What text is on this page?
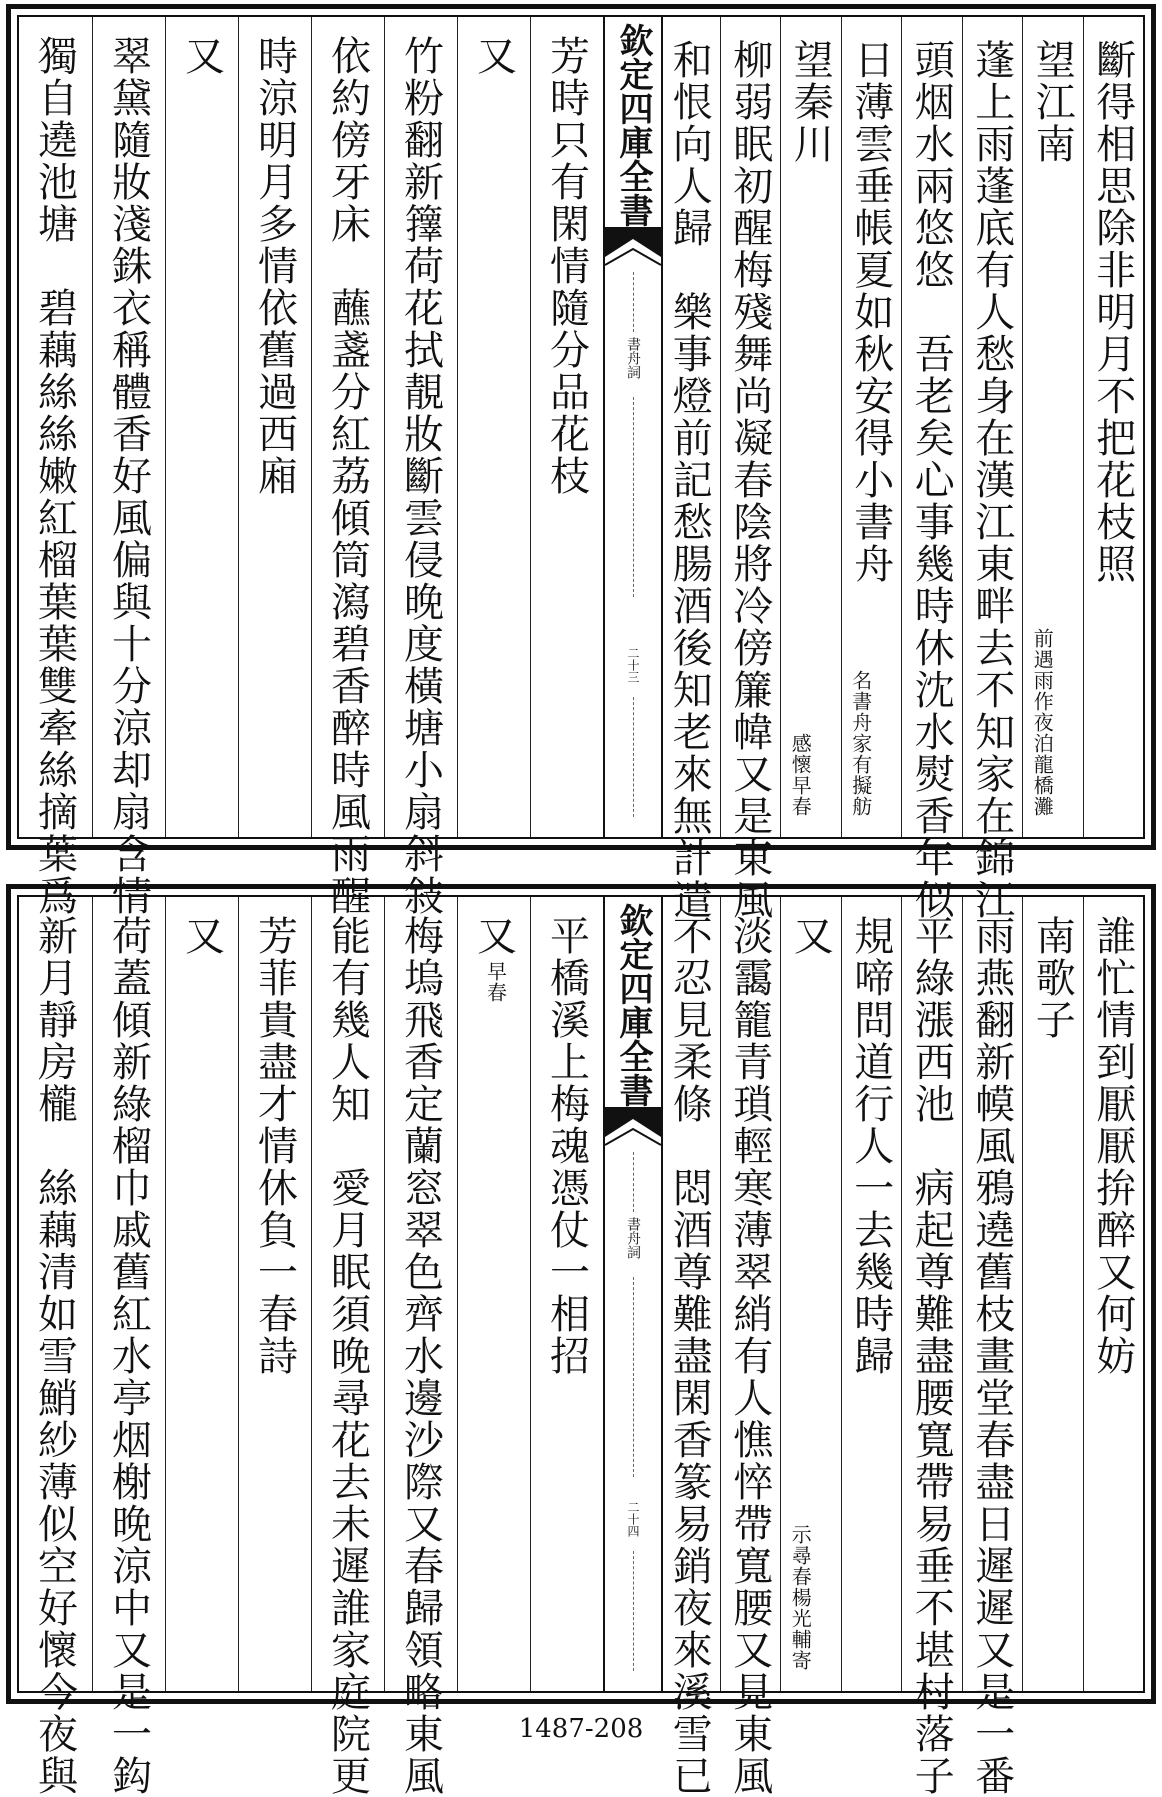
斷得相思除非明月不把花枝照
望江南
夜泊龍橋灘
前遇雨作
蓬上雨蓬底有人愁身在漢江東畔去不知家在錦江
頭烟水兩悠悠　吾老矣心事幾時休沈水熨香年似
日薄雲垂帳夏如秋安得小書舟
家有擬舫
名書舟
望秦川
早春
感懷
柳弱眠初醒梅殘舞尚凝春陰將冷傍簾幃又是東風
和恨向人歸　樂事燈前記愁腸酒後知老來無計遣
欽定四庫全書
書舟詞
二十三
芳時只有閑情隨分品花枝
又
竹粉翻新籜荷花拭靚妝斷雲侵晚度橫塘小扇斜敍
依約傍牙床　蘸盞分紅荔傾筒瀉碧香醉時風雨醒
時涼明月多情依舊過西廂
又
翠黛隨妝淺銖衣稱體香好風偏與十分涼却扇含情
獨自遶池塘　碧藕絲絲嫩紅榴葉葉雙牽絲摘葉爲
誰忙情到厭厭拚醉又何妨
南歌子
雨燕翻新幙風鴉遶舊枝畫堂春盡日遲遲又是一番
平綠漲西池　病起尊難盡腰寬帶易垂不堪村落子
規啼問道行人一去幾時歸
又
楊光輔寄
示尋春
淡靄籠青瑣輕寒薄翠綃有人憔悴帶寬腰又見東風
不忍見柔條　悶酒尊難盡閑香篆易銷夜來溪雪已
欽定四庫全書
書舟詞
二十四
平橋溪上梅魂憑仗一相招
又
早春
梅塢飛香定蘭窓翠色齊水邊沙際又春歸領略東風
能有幾人知　愛月眠須晚尋花去未遲誰家庭院更
芳菲貴盡才情休負一春詩
又
荷蓋傾新綠榴巾戚舊紅水亭烟榭晚涼中又是一鈎
新月靜房櫳　絲藕清如雪鮹紗薄似空好懷今夜與	1487-208
